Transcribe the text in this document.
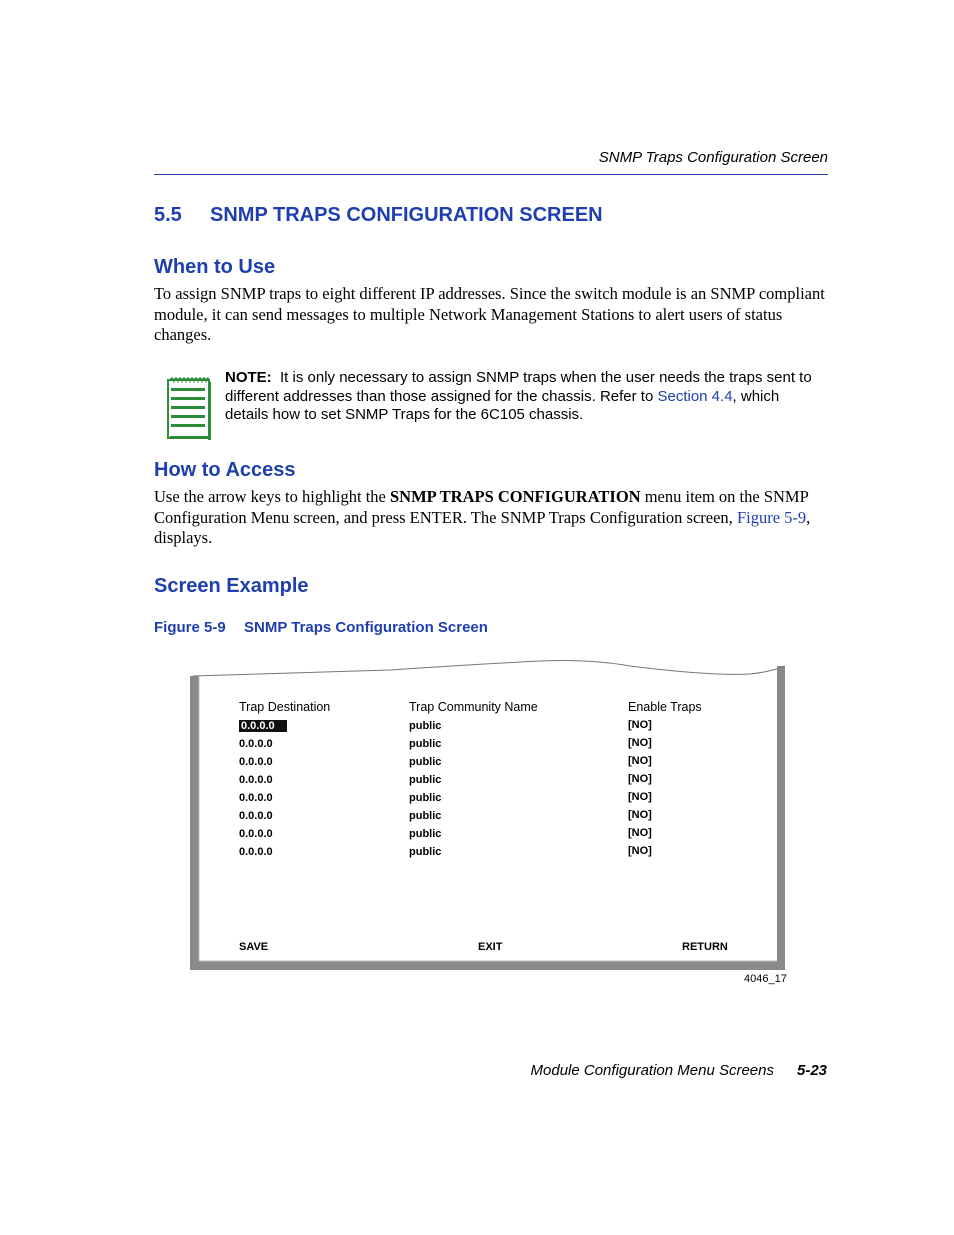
SNMP Traps Configuration Screen
5.5 SNMP TRAPS CONFIGURATION SCREEN
When to Use
To assign SNMP traps to eight different IP addresses. Since the switch module is an SNMP compliant module, it can send messages to multiple Network Management Stations to alert users of status changes.
NOTE: It is only necessary to assign SNMP traps when the user needs the traps sent to different addresses than those assigned for the chassis. Refer to Section 4.4, which details how to set SNMP Traps for the 6C105 chassis.
How to Access
Use the arrow keys to highlight the SNMP TRAPS CONFIGURATION menu item on the SNMP Configuration Menu screen, and press ENTER. The SNMP Traps Configuration screen, Figure 5-9, displays.
Screen Example
Figure 5-9 SNMP Traps Configuration Screen
Trap Destination	Trap Community Name	Enable Traps
0.0.0.0	public	[NO]
0.0.0.0	public	[NO]
0.0.0.0	public	[NO]
0.0.0.0	public	[NO]
0.0.0.0	public	[NO]
0.0.0.0	public	[NO]
0.0.0.0	public	[NO]
0.0.0.0	public	[NO]
SAVE	EXIT	RETURN
4046_17
Module Configuration Menu Screens 5-23
